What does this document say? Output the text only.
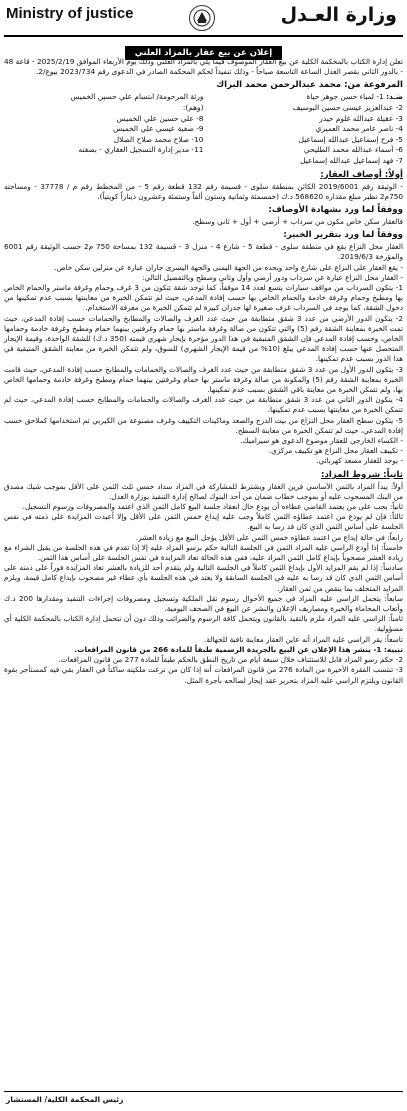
وزارة العـدل
Ministry of justice
إعلان عن بيع عقار بالمزاد العلني

تعلن إدارة الكتاب بالمحكمة الكلية عن بيع العقار الموصوف فيما يلي بالمزاد العلني وذلك يوم الأربعاء الموافق 2025/2/19 - قاعة 48 - بالدور الثاني بقصر العدل الساعة التاسعة صباحاً - وذلك تنفيذاً لحكم المحكمة الصادر في الدعوى رقم 2023/734 بيوع/2.

المرفوعة من: محمد عبدالرحمن محمد البراك
ضـد: 1- لمياء حسن جوهر حياة
2- عبدالعزيز عيسى حسين البوسيف
3- عقيلة عبدالله غلوم حيدر
4- ناصر عامر محمد العميري
5- فرح إسماعيل عبدالله إسماعيل
6- أسماء عبدالله محمد الطليحي
7- فهد إسماعيل عبدالله إسماعيل
ورثة المرحومة/ ابتسام علي حسين الخميس
(وهم):
8- علي حسين علي الخميس
9- صفية عيسى علي الخميس
10- صلاح محمد صلاح الصلال
11- مدير إدارة التسجيل العقاري - بصفته
أولاً: أوصاف العقار:

- الوثيقة رقم 2019/6001 الكائن بمنطقة سلوى - قسيمة رقم 132 قطعة رقم 5 - من المخطط رقم م / 37778 - ومساحته 750م2 نظير مبلغ مقداره 568620 د.ك (خمسمئة وثمانية وستون ألفاً وستمئة وعشرون ديناراً كويتياً).

ووفقاً لما ورد بشهادة الأوصاف:

فالعقار سكن خاص مكون من سرداب + أرضي + أول + ثاني وسطح.

ووفقاً لما ورد بتقرير الخبير:

العقار محل النزاع يقع في منطقة سلوى - قطعة 5 - شارع 4 - منزل 3 - قسيمة 132 بمساحة 750 م2 حسب الوثيقة رقم 6001 والمؤرخة 2019/6/3.

- يقع العقار على النزاع على شارع واحد ويحده من الجهة اليمنى والجهة اليسرى جاران عبارة عن منزلين سكن خاص.

- العقار محل النزاع عبارة عن سرداب ودور أرضي وأول وثاني وسطح وبالتفصيل التالي:

1- يتكون السرداب من مواقف سيارات يتسع لعدد 14 موقفاً، كما توجد شقة تتكون من 3 غرف وحمام وغرفة ماستر والحمام الخاص بها ومطبخ وحمام وغرفة خادمة والحمام الخاص بها حسب إفادة المدعي، حيث لم تتمكن الخبرة من معاينتها بسبب عدم تمكينها من دخول الشقة، كما يوجد في السرداب غرف صغيرة لها جدران كبيرة لم تتمكن الخبرة من معرفة الاستخدام.

2- يتكون الدور الأرضي من عدد 3 شقق متطابقة من حيث عدد الغرف والصالات والمطابخ والحمامات حسب إفادة المدعي، حيث تمت الخبرة بمعاينة الشقة رقم (5) والتي تتكون من صالة وغرفة ماستر بها حمام وغرفتين بينهما حمام ومطبخ وغرفة خادمة وحمامها الخاص، وحسب إفادة المدعي فإن الشقق المتبقية في هذا الدور مؤجرة بإيجار شهري قيمته (350 د.ك) للشقة الواحدة، وقيمة الإيجار المتحصل عنها حسب إفادة المدعي يبلغ (10% من قيمة الإيجار الشهري) للسوق، ولم تتمكن الخبرة من معاينة الشقق المتبقية في هذا الدور بسبب عدم تمكينها.

3- يتكون الدور الأول من عدد 3 شقق متطابقة من حيث عدد الغرف والصالات والحمامات والمطابخ حسب إفادة المدعي، حيث قامت الخبرة بمعاينة الشقة رقم (5) والمكونة من صالة وغرفة ماستر بها حمام وغرفتين بينهما حمام ومطبخ وغرفة خادمة وحمامها الخاص بها، ولم تتمكن الخبرة من معاينة باقي الشقق بسبب عدم تمكينها.

4- يتكون الدور الثاني من عدد 3 شقق متطابقة من حيث عدد الغرف والصالات والحمامات والمطابخ حسب إفادة المدعي، حيث لم تتمكن الخبرة من معاينتها بسبب عدم تمكينها.

5- يتكون سطح العقار محل النزاع من بيت الدرج والصعد وماكينات التكييف وغرف مصنوعة من الكيربي تم استخدامها كملاحق حسب إفادة المدعي، حيث لم تتمكن الخبرة من معاينة السطح.

- الكساء الخارجي للعقار موضوع الدعوى هو سيراميك.

- تكييف العقار محل النزاع هو تكييف مركزي.

- يوجد للعقار مصعد كهربائي.

ثانياً: شروط المزاد:

أولاً: يبدأ المزاد بالثمن الأساسي قرين العقار ويشترط للمشاركة في المزاد سداد خمس ثلث الثمن على الأقل بموجب شيك مصدق من البنك المسحوب عليه أو بموجب خطاب ضمان من أحد البنوك لصالح إدارة التنفيذ بوزارة العدل.

ثانياً: يجب على من يعتمد القاضي عطاءه أن يودع حال انعقاد جلسة البيع كامل الثمن الذي اعتمد والمصروفات ورسوم التسجيل.

ثالثاً: فإن لم يودع من اعتمد عطاؤه الثمن كاملاً وجب عليه إيداع خمس الثمن على الأقل وإلا أعيدت المزايدة على ذمته في نفس الجلسة على أساس الثمن الذي كان قد رسا به البيع.

رابعاً: في حالة إيداع من اعتمد عطاؤه خمس الثمن على الأقل يؤجل البيع مع زيادة العشر.

خامساً: إذا أودع الراسي عليه المزاد الثمن في الجلسة التالية حكم برسو المزاد عليه إلا إذا تقدم في هذه الجلسة من يقبل الشراء مع زيادة العشر مصحوباً بإيداع كامل الثمن المزاد عليه، ففي هذه الحالة تعاد المزايدة في نفس الجلسة على أساس هذا الثمن.

سادساً: إذا لم يقم المزايد الأول بإيداع الثمن كاملاً في الجلسة التالية ولم يتقدم أحد للزيادة بالعشر تعاد المزايدة فوراً على ذمته على أساس الثمن الذي كان قد رسا به عليه في الجلسة السابقة ولا يعتد في هذه الجلسة بأي عطاء غير مصحوب بإيداع كامل قيمة، ويلزم المزايد المتخلف بما ينقص من ثمن العقار.

سابعاً: يتحمل الراسي عليه المزاد في جميع الأحوال رسوم نقل الملكية وتسجيل ومصروفات إجراءات التنفيذ ومقدارها 200 د.ك وأتعاب المحاماة والخبرة ومصاريف الإعلان والنشر عن البيع في الصحف اليومية.

ثامناً: الراسي عليه المزاد ملزم بالتقيد بالقانون ويتحمل كافة الرسوم والضرائب وذلك دون أن تتحمل إدارة الكتاب بالمحكمة الكلية أي مسؤولية.

تاسعاً: يقر الراسي عليه المزاد أنه عاين العقار معاينة نافية للجهالة.

تنبيه: 1- ينشر هذا الإعلان عن البيع بالجريدة الرسمية طبقاً للمادة 266 من قانون المرافعات.

2- حكم رسو المزاد قابل للاستئناف خلال سبعة أيام من تاريخ النطق بالحكم طبقاً للمادة 277 من قانون المرافعات.

3- تنتسب الفقرة الأخيرة من المادة 276 من قانون المرافعات أنه إذا كان من نزعت ملكيته ساكناً في العقار بقي فيه كمستأجر بقوة القانون ويلتزم الراسي عليه المزاد بتحرير عقد إيجار لصالحه بأجرة المثل.

رئيس المحكمة الكلية/ المستشار
